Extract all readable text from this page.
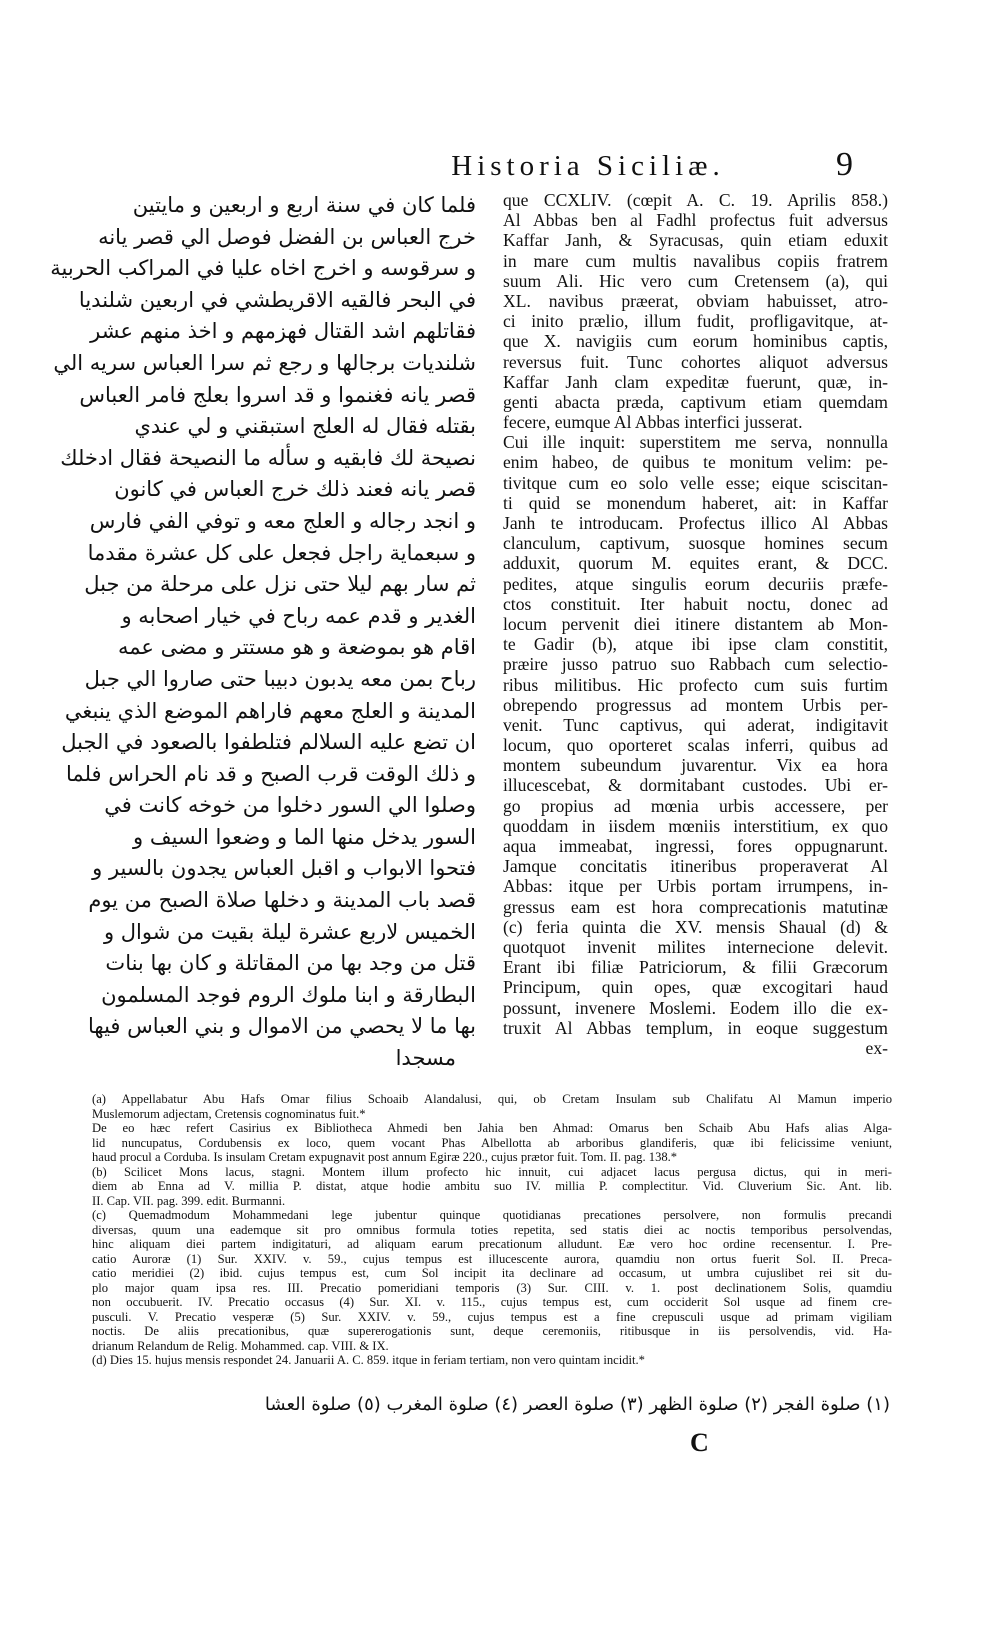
Historia Siciliæ.	9
فلما كان في سنة اربع و اربعين و مايتين
خرج العباس بن الفضل فوصل الي قصر يانه
و سرقوسه و اخرج اخاه عليا في المراكب الحربية
في البحر فالقيه الاقريطشي في اربعين شلنديا
فقاتلهم اشد القتال فهزمهم و اخذ منهم عشر
شلنديات برجالها و رجع ثم سرا العباس سريه الي
قصر يانه فغنموا و قد اسروا بعلج فامر العباس
بقتله فقال له العلج استبقني و لي عندي
نصيحة لك فابقيه و سأله ما النصيحة فقال ادخلك
قصر يانه فعند ذلك خرج العباس في كانون
و انجد رجاله و العلج معه و توفي الفي فارس
و سبعماية راجل فجعل على كل عشرة مقدما
ثم سار بهم ليلا حتى نزل على مرحلة من جبل
الغدير و قدم عمه رباح في خيار اصحابه و
اقام هو بموضعة و هو مستتر و مضى عمه
رباح بمن معه يدبون دبيبا حتى صاروا الي جبل
المدينة و العلج معهم فاراهم الموضع الذي ينبغي
ان تضع عليه السلالم فتلطفوا بالصعود في الجبل
و ذلك الوقت قرب الصبح و قد نام الحراس فلما
وصلوا الي السور دخلوا من خوخه كانت في
السور يدخل منها الما و وضعوا السيف و
فتحوا الابواب و اقبل العباس يجدون بالسير و
قصد باب المدينة و دخلها صلاة الصبح من يوم
الخميس لاربع عشرة ليلة بقيت من شوال و
قتل من وجد بها من المقاتلة و كان بها بنات
البطارقة و ابنا ملوك الروم فوجد المسلمون
بها ما لا يحصي من الاموال و بني العباس فيها
مسجدا
que CCXLIV. (cœpit A. C. 19. Aprilis 858.)
Al Abbas ben al Fadhl profectus fuit adversus
Kaffar Janh, & Syracusas, quin etiam eduxit
in mare cum multis navalibus copiis fratrem
suum Ali. Hic vero cum Cretensem (a), qui
XL. navibus præerat, obviam habuisset, atro-
ci inito prælio, illum fudit, profligavitque, at-
que X. navigiis cum eorum hominibus captis,
reversus fuit. Tunc cohortes aliquot adversus
Kaffar Janh clam expeditæ fuerunt, quæ, in-
genti abacta præda, captivum etiam quemdam
fecere, eumque Al Abbas interfici jusserat.
Cui ille inquit: superstitem me serva, nonnulla
enim habeo, de quibus te monitum velim: pe-
tivitque cum eo solo velle esse; eique sciscitan-
ti quid se monendum haberet, ait: in Kaffar
Janh te introducam. Profectus illico Al Abbas
clanculum, captivum, suosque homines secum
adduxit, quorum M. equites erant, & DCC.
pedites, atque singulis eorum decuriis præfe-
ctos constituit. Iter habuit noctu, donec ad
locum pervenit diei itinere distantem ab Mon-
te Gadir (b), atque ibi ipse clam constitit,
præire jusso patruo suo Rabbach cum selectio-
ribus militibus. Hic profecto cum suis furtim
obrependo progressus ad montem Urbis per-
venit. Tunc captivus, qui aderat, indigitavit
locum, quo oporteret scalas inferri, quibus ad
montem subeundum juvarentur. Vix ea hora
illucescebat, & dormitabant custodes. Ubi er-
go propius ad mœnia urbis accessere, per
quoddam in iisdem mœniis interstitium, ex quo
aqua immeabat, ingressi, fores oppugnarunt.
Jamque concitatis itineribus properaverat Al
Abbas: itque per Urbis portam irrumpens, in-
gressus eam est hora comprecationis matutinæ
(c) feria quinta die XV. mensis Shaual (d) &
quotquot invenit milites internecione delevit.
Erant ibi filiæ Patriciorum, & filii Græcorum
Principum, quin opes, quæ excogitari haud
possunt, invenere Moslemi. Eodem illo die ex-
truxit Al Abbas templum, in eoque suggestum
ex-
(a) Appellabatur Abu Hafs Omar filius Schoaib Alandalusi, qui, ob Cretam Insulam sub Chalifatu Al Mamun imperio
Muslemorum adjectam, Cretensis cognominatus fuit.*
De eo hæc refert Casirius ex Bibliotheca Ahmedi ben Jahia ben Ahmad: Omarus ben Schaib Abu Hafs alias Alga-
lid nuncupatus, Cordubensis ex loco, quem vocant Phas Albellotta ab arboribus glandiferis, quæ ibi felicissime veniunt,
haud procul a Corduba. Is insulam Cretam expugnavit post annum Egiræ 220., cujus prætor fuit. Tom. II. pag. 138.*
(b) Scilicet Mons lacus, stagni. Montem illum profecto hic innuit, cui adjacet lacus pergusa dictus, qui in meri-
diem ab Enna ad V. millia P. distat, atque hodie ambitu suo IV. millia P. complectitur. Vid. Cluverium Sic. Ant. lib.
II. Cap. VII. pag. 399. edit. Burmanni.
(c) Quemadmodum Mohammedani lege jubentur quinque quotidianas precationes persolvere, non formulis precandi
diversas, quum una eademque sit pro omnibus formula toties repetita, sed statis diei ac noctis temporibus persolvendas,
hinc aliquam diei partem indigitaturi, ad aliquam earum precationum alludunt. Eæ vero hoc ordine recensentur. I. Pre-
catio Auroræ (1) Sur. XXIV. v. 59., cujus tempus est illucescente aurora, quamdiu non ortus fuerit Sol. II. Preca-
catio meridiei (2) ibid. cujus tempus est, cum Sol incipit ita declinare ad occasum, ut umbra cujuslibet rei sit du-
plo major quam ipsa res. III. Precatio pomeridiani temporis (3) Sur. CIII. v. 1. post declinationem Solis, quamdiu
non occubuerit. IV. Precatio occasus (4) Sur. XI. v. 115., cujus tempus est, cum occiderit Sol usque ad finem cre-
pusculi. V. Precatio vesperæ (5) Sur. XXIV. v. 59., cujus tempus est a fine crepusculi usque ad primam vigiliam
noctis. De aliis precationibus, quæ supererogationis sunt, deque ceremoniis, ritibusque in iis persolvendis, vid. Ha-
drianum Relandum de Relig. Mohammed. cap. VIII. & IX.
(d) Dies 15. hujus mensis respondet 24. Januarii A. C. 859. itque in feriam tertiam, non vero quintam incidit.*
(١) صلوة الفجر (٢) صلوة الظهر (٣) صلوة العصر (٤) صلوة المغرب (٥) صلوة العشا
C
